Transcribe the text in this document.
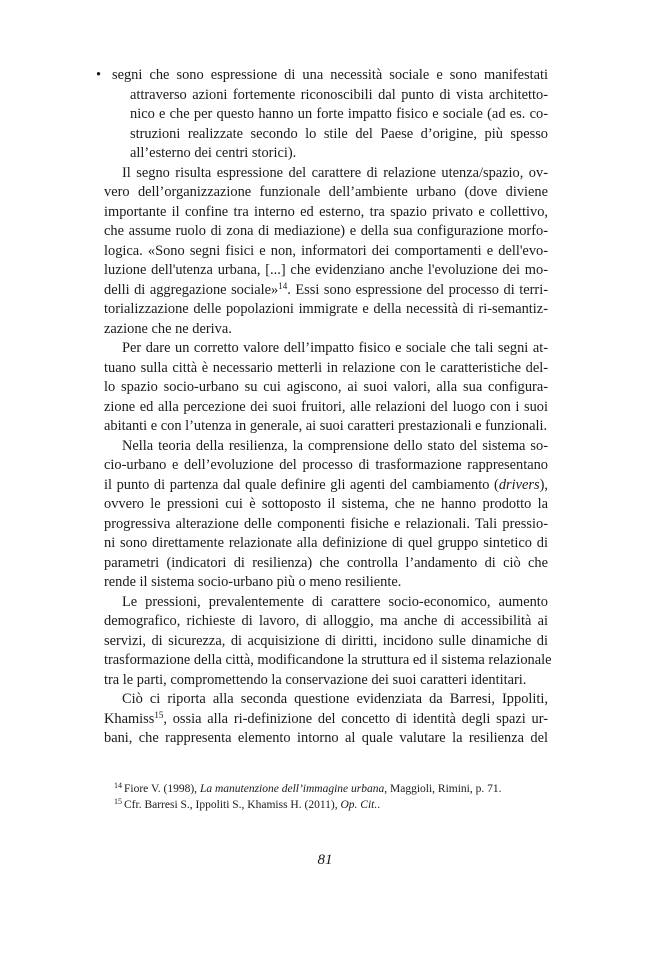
• segni che sono espressione di una necessità sociale e sono manifestati
attraverso azioni fortemente riconoscibili dal punto di vista architetto-
nico e che per questo hanno un forte impatto fisico e sociale (ad es. co-
struzioni realizzate secondo lo stile del Paese d’origine, più spesso
all’esterno dei centri storici).
Il segno risulta espressione del carattere di relazione utenza/spazio, ov-
vero dell’organizzazione funzionale dell’ambiente urbano (dove diviene
importante il confine tra interno ed esterno, tra spazio privato e collettivo,
che assume ruolo di zona di mediazione) e della sua configurazione morfo-
logica. «Sono segni fisici e non, informatori dei comportamenti e dell'evo-
luzione dell'utenza urbana, [...] che evidenziano anche l'evoluzione dei mo-
delli di aggregazione sociale»$^{14}$. Essi sono espressione del processo di terri-
torializzazione delle popolazioni immigrate e della necessità di ri-semantiz-
zazione che ne deriva.
Per dare un corretto valore dell’impatto fisico e sociale che tali segni at-
tuano sulla città è necessario metterli in relazione con le caratteristiche del-
lo spazio socio-urbano su cui agiscono, ai suoi valori, alla sua configura-
zione ed alla percezione dei suoi fruitori, alle relazioni del luogo con i suoi
abitanti e con l’utenza in generale, ai suoi caratteri prestazionali e funzionali.
Nella teoria della resilienza, la comprensione dello stato del sistema so-
cio-urbano e dell’evoluzione del processo di trasformazione rappresentano
il punto di partenza dal quale definire gli agenti del cambiamento (drivers),
ovvero le pressioni cui è sottoposto il sistema, che ne hanno prodotto la
progressiva alterazione delle componenti fisiche e relazionali. Tali pressio-
ni sono direttamente relazionate alla definizione di quel gruppo sintetico di
parametri (indicatori di resilienza) che controlla l’andamento di ciò che
rende il sistema socio-urbano più o meno resiliente.
Le pressioni, prevalentemente di carattere socio-economico, aumento
demografico, richieste di lavoro, di alloggio, ma anche di accessibilità ai
servizi, di sicurezza, di acquisizione di diritti, incidono sulle dinamiche di
trasformazione della città, modificandone la struttura ed il sistema relazionale
tra le parti, compromettendo la conservazione dei suoi caratteri identitari.
Ciò ci riporta alla seconda questione evidenziata da Barresi, Ippoliti,
Khamiss$^{15}$, ossia alla ri-definizione del concetto di identità degli spazi ur-
bani, che rappresenta elemento intorno al quale valutare la resilienza del
$^{14}$ Fiore V. (1998), La manutenzione dell’immagine urbana, Maggioli, Rimini, p. 71.
$^{15}$ Cfr. Barresi S., Ippoliti S., Khamiss H. (2011), Op. Cit..
81
